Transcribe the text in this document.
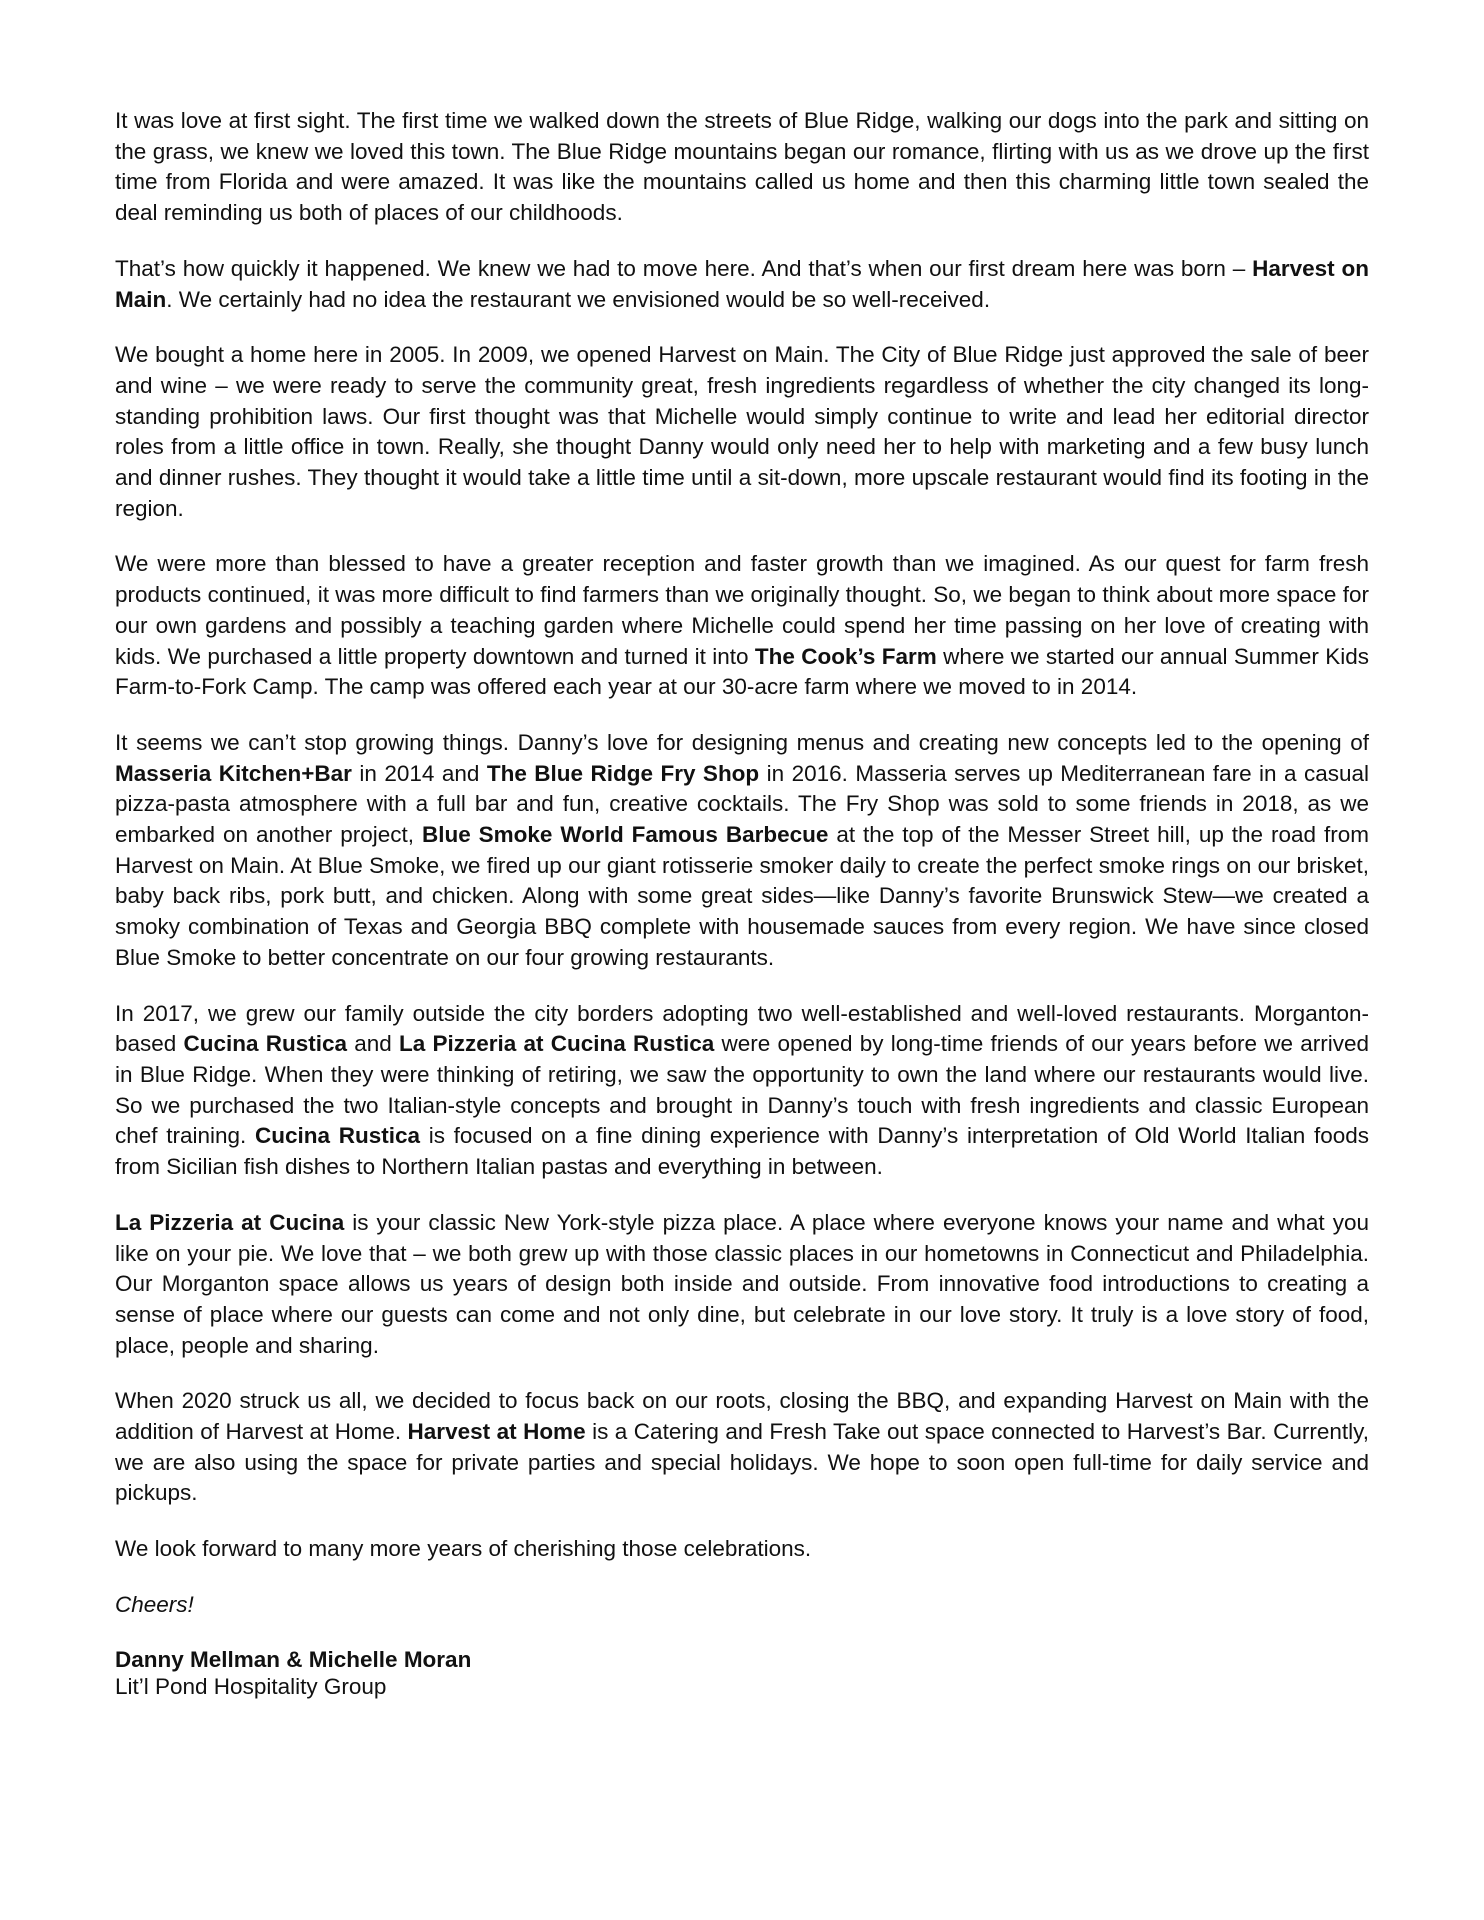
It was love at first sight. The first time we walked down the streets of Blue Ridge, walking our dogs into the park and sitting on the grass, we knew we loved this town. The Blue Ridge mountains began our romance, flirting with us as we drove up the first time from Florida and were amazed. It was like the mountains called us home and then this charming little town sealed the deal reminding us both of places of our childhoods.

That’s how quickly it happened. We knew we had to move here. And that’s when our first dream here was born – Harvest on Main. We certainly had no idea the restaurant we envisioned would be so well-received.

We bought a home here in 2005. In 2009, we opened Harvest on Main. The City of Blue Ridge just approved the sale of beer and wine – we were ready to serve the community great, fresh ingredients regardless of whether the city changed its long-standing prohibition laws. Our first thought was that Michelle would simply continue to write and lead her editorial director roles from a little office in town. Really, she thought Danny would only need her to help with marketing and a few busy lunch and dinner rushes. They thought it would take a little time until a sit-down, more upscale restaurant would find its footing in the region.

We were more than blessed to have a greater reception and faster growth than we imagined. As our quest for farm fresh products continued, it was more difficult to find farmers than we originally thought. So, we began to think about more space for our own gardens and possibly a teaching garden where Michelle could spend her time passing on her love of creating with kids. We purchased a little property downtown and turned it into The Cook’s Farm where we started our annual Summer Kids Farm-to-Fork Camp. The camp was offered each year at our 30-acre farm where we moved to in 2014.

It seems we can’t stop growing things. Danny’s love for designing menus and creating new concepts led to the opening of Masseria Kitchen+Bar in 2014 and The Blue Ridge Fry Shop in 2016. Masseria serves up Mediterranean fare in a casual pizza-pasta atmosphere with a full bar and fun, creative cocktails. The Fry Shop was sold to some friends in 2018, as we embarked on another project, Blue Smoke World Famous Barbecue at the top of the Messer Street hill, up the road from Harvest on Main. At Blue Smoke, we fired up our giant rotisserie smoker daily to create the perfect smoke rings on our brisket, baby back ribs, pork butt, and chicken. Along with some great sides—like Danny’s favorite Brunswick Stew—we created a smoky combination of Texas and Georgia BBQ complete with housemade sauces from every region. We have since closed Blue Smoke to better concentrate on our four growing restaurants.

In 2017, we grew our family outside the city borders adopting two well-established and well-loved restaurants. Morganton-based Cucina Rustica and La Pizzeria at Cucina Rustica were opened by long-time friends of our years before we arrived in Blue Ridge. When they were thinking of retiring, we saw the opportunity to own the land where our restaurants would live. So we purchased the two Italian-style concepts and brought in Danny’s touch with fresh ingredients and classic European chef training. Cucina Rustica is focused on a fine dining experience with Danny’s interpretation of Old World Italian foods from Sicilian fish dishes to Northern Italian pastas and everything in between.

La Pizzeria at Cucina is your classic New York-style pizza place. A place where everyone knows your name and what you like on your pie. We love that – we both grew up with those classic places in our hometowns in Connecticut and Philadelphia. Our Morganton space allows us years of design both inside and outside. From innovative food introductions to creating a sense of place where our guests can come and not only dine, but celebrate in our love story. It truly is a love story of food, place, people and sharing.

When 2020 struck us all, we decided to focus back on our roots, closing the BBQ, and expanding Harvest on Main with the addition of Harvest at Home. Harvest at Home is a Catering and Fresh Take out space connected to Harvest’s Bar. Currently, we are also using the space for private parties and special holidays. We hope to soon open full-time for daily service and pickups.

We look forward to many more years of cherishing those celebrations.

Cheers!

Danny Mellman & Michelle Moran

Lit’l Pond Hospitality Group
